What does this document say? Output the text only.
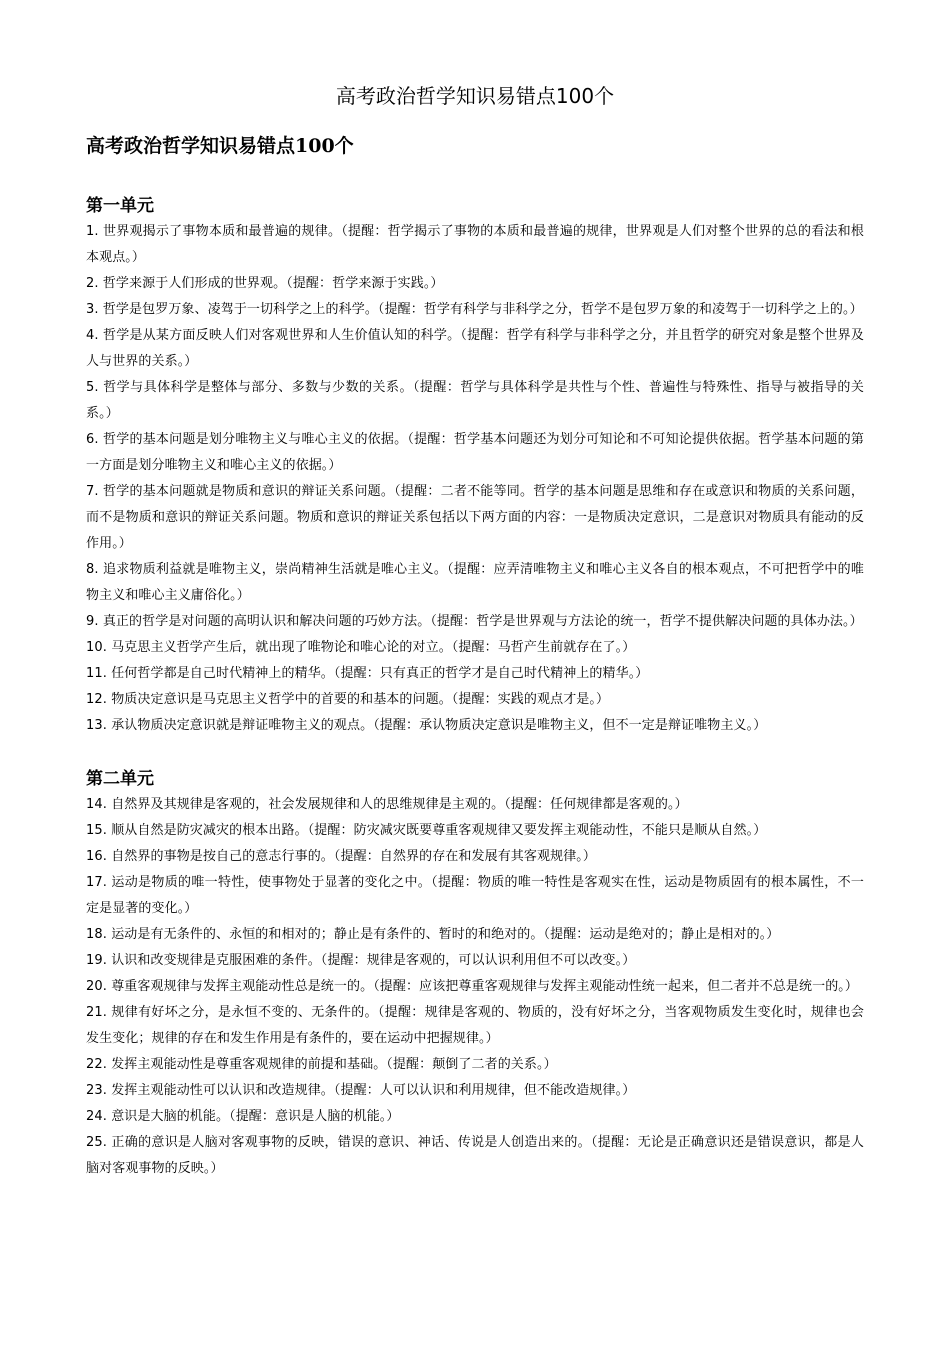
高考政治哲学知识易错点100个
高考政治哲学知识易错点100个
第一单元
1. 世界观揭示了事物本质和最普遍的规律。（提醒：哲学揭示了事物的本质和最普遍的规律，世界观是人们对整个世界的总的看法和根本观点。）
2. 哲学来源于人们形成的世界观。（提醒：哲学来源于实践。）
3. 哲学是包罗万象、凌驾于一切科学之上的科学。（提醒：哲学有科学与非科学之分，哲学不是包罗万象的和凌驾于一切科学之上的。）
4. 哲学是从某方面反映人们对客观世界和人生价值认知的科学。（提醒：哲学有科学与非科学之分，并且哲学的研究对象是整个世界及人与世界的关系。）
5. 哲学与具体科学是整体与部分、多数与少数的关系。（提醒：哲学与具体科学是共性与个性、普遍性与特殊性、指导与被指导的关系。）
6. 哲学的基本问题是划分唯物主义与唯心主义的依据。（提醒：哲学基本问题还为划分可知论和不可知论提供依据。哲学基本问题的第一方面是划分唯物主义和唯心主义的依据。）
7. 哲学的基本问题就是物质和意识的辩证关系问题。（提醒：二者不能等同。哲学的基本问题是思维和存在或意识和物质的关系问题，而不是物质和意识的辩证关系问题。物质和意识的辩证关系包括以下两方面的内容：一是物质决定意识，二是意识对物质具有能动的反作用。）
8. 追求物质利益就是唯物主义，崇尚精神生活就是唯心主义。（提醒：应弄清唯物主义和唯心主义各自的根本观点，不可把哲学中的唯物主义和唯心主义庸俗化。）
9. 真正的哲学是对问题的高明认识和解决问题的巧妙方法。（提醒：哲学是世界观与方法论的统一，哲学不提供解决问题的具体办法。）
10. 马克思主义哲学产生后，就出现了唯物论和唯心论的对立。（提醒：马哲产生前就存在了。）
11. 任何哲学都是自己时代精神上的精华。（提醒：只有真正的哲学才是自己时代精神上的精华。）
12. 物质决定意识是马克思主义哲学中的首要的和基本的问题。（提醒：实践的观点才是。）
13. 承认物质决定意识就是辩证唯物主义的观点。（提醒：承认物质决定意识是唯物主义，但不一定是辩证唯物主义。）
第二单元
14. 自然界及其规律是客观的，社会发展规律和人的思维规律是主观的。（提醒：任何规律都是客观的。）
15. 顺从自然是防灾减灾的根本出路。（提醒：防灾减灾既要尊重客观规律又要发挥主观能动性，不能只是顺从自然。）
16. 自然界的事物是按自己的意志行事的。（提醒：自然界的存在和发展有其客观规律。）
17. 运动是物质的唯一特性，使事物处于显著的变化之中。（提醒：物质的唯一特性是客观实在性，运动是物质固有的根本属性，不一定是显著的变化。）
18. 运动是有无条件的、永恒的和相对的；静止是有条件的、暂时的和绝对的。（提醒：运动是绝对的；静止是相对的。）
19. 认识和改变规律是克服困难的条件。（提醒：规律是客观的，可以认识利用但不可以改变。）
20. 尊重客观规律与发挥主观能动性总是统一的。（提醒：应该把尊重客观规律与发挥主观能动性统一起来，但二者并不总是统一的。）
21. 规律有好坏之分，是永恒不变的、无条件的。（提醒：规律是客观的、物质的，没有好坏之分，当客观物质发生变化时，规律也会发生变化；规律的存在和发生作用是有条件的，要在运动中把握规律。）
22. 发挥主观能动性是尊重客观规律的前提和基础。（提醒：颠倒了二者的关系。）
23. 发挥主观能动性可以认识和改造规律。（提醒：人可以认识和利用规律，但不能改造规律。）
24. 意识是大脑的机能。（提醒：意识是人脑的机能。）
25. 正确的意识是人脑对客观事物的反映，错误的意识、神话、传说是人创造出来的。（提醒：无论是正确意识还是错误意识，都是人脑对客观事物的反映。）
